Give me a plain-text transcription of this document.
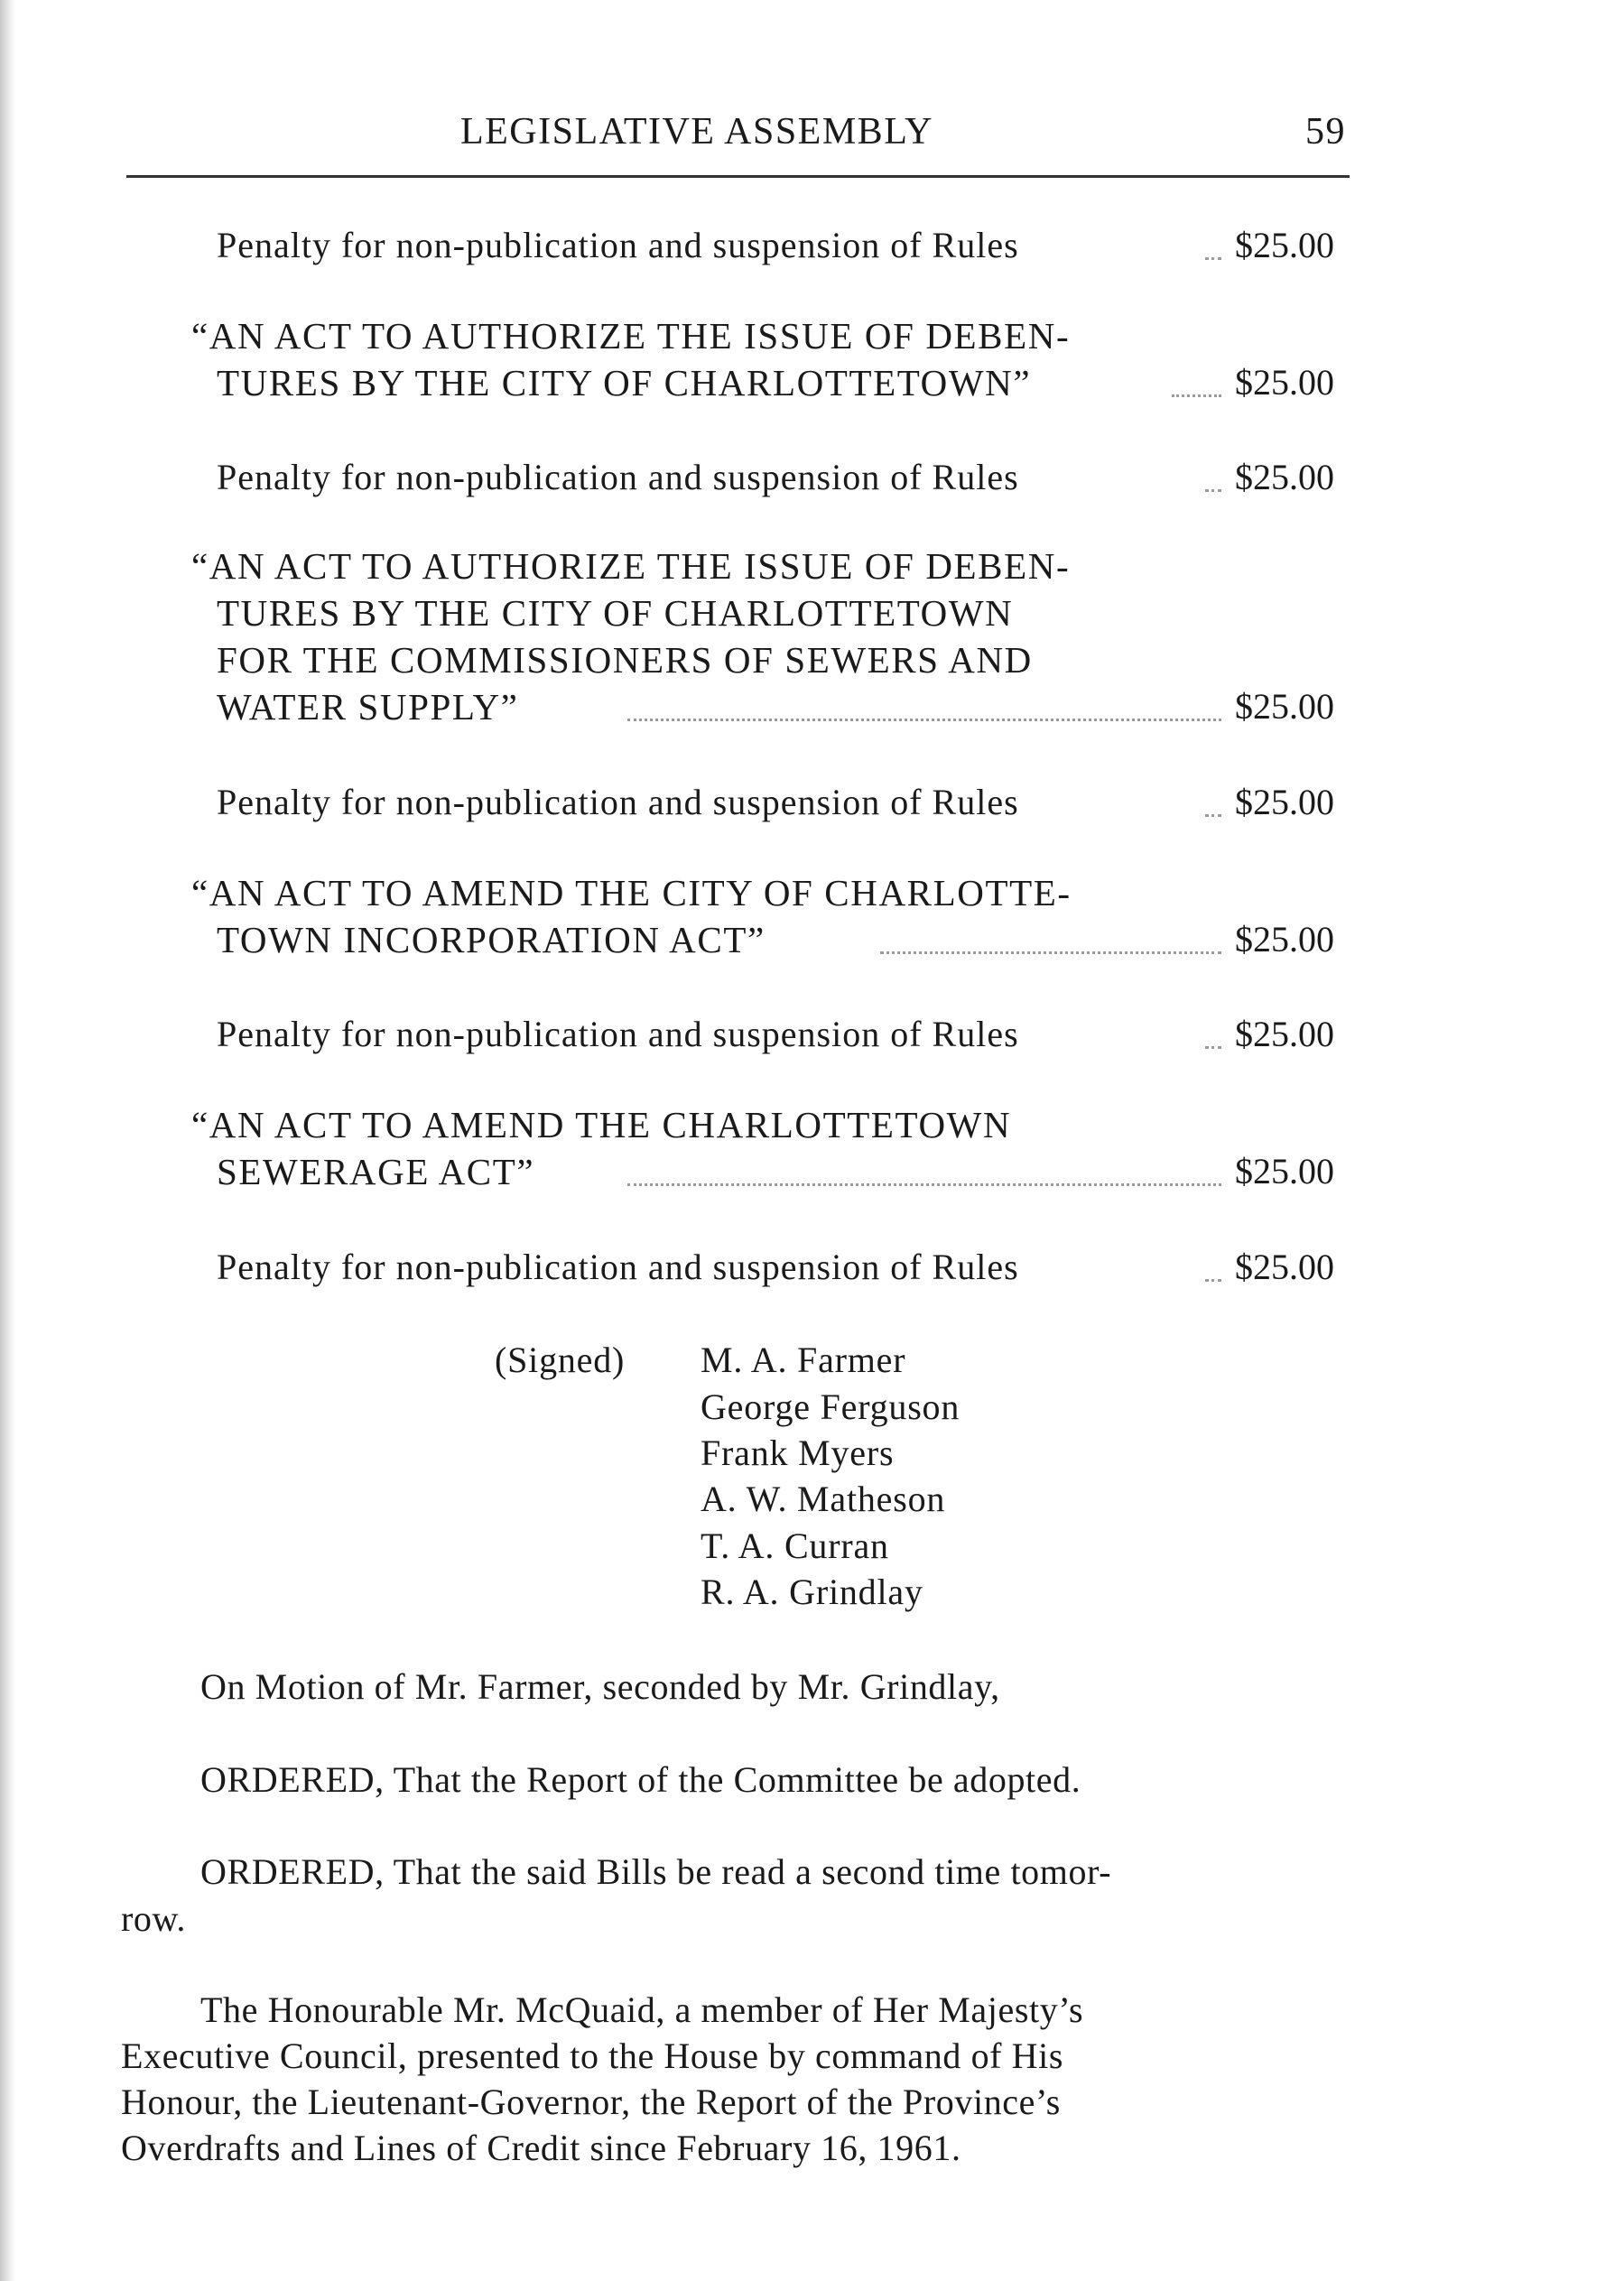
LEGISLATIVE ASSEMBLY	59
Penalty for non-publication and suspension of Rules	$25.00
“AN ACT TO AUTHORIZE THE ISSUE OF DEBEN-
TURES BY THE CITY OF CHARLOTTETOWN”	$25.00
Penalty for non-publication and suspension of Rules	$25.00
“AN ACT TO AUTHORIZE THE ISSUE OF DEBEN-
TURES BY THE CITY OF CHARLOTTETOWN
FOR THE COMMISSIONERS OF SEWERS AND
WATER SUPPLY”	$25.00
Penalty for non-publication and suspension of Rules	$25.00
“AN ACT TO AMEND THE CITY OF CHARLOTTE-
TOWN INCORPORATION ACT”	$25.00
Penalty for non-publication and suspension of Rules	$25.00
“AN ACT TO AMEND THE CHARLOTTETOWN
SEWERAGE ACT”	$25.00
Penalty for non-publication and suspension of Rules	$25.00
(Signed) M. A. Farmer
George Ferguson
Frank Myers
A. W. Matheson
T. A. Curran
R. A. Grindlay
On Motion of Mr. Farmer, seconded by Mr. Grindlay,
ORDERED, That the Report of the Committee be adopted.
ORDERED, That the said Bills be read a second time tomor-
row.
The Honourable Mr. McQuaid, a member of Her Majesty’s
Executive Council, presented to the House by command of His
Honour, the Lieutenant-Governor, the Report of the Province’s
Overdrafts and Lines of Credit since February 16, 1961.
